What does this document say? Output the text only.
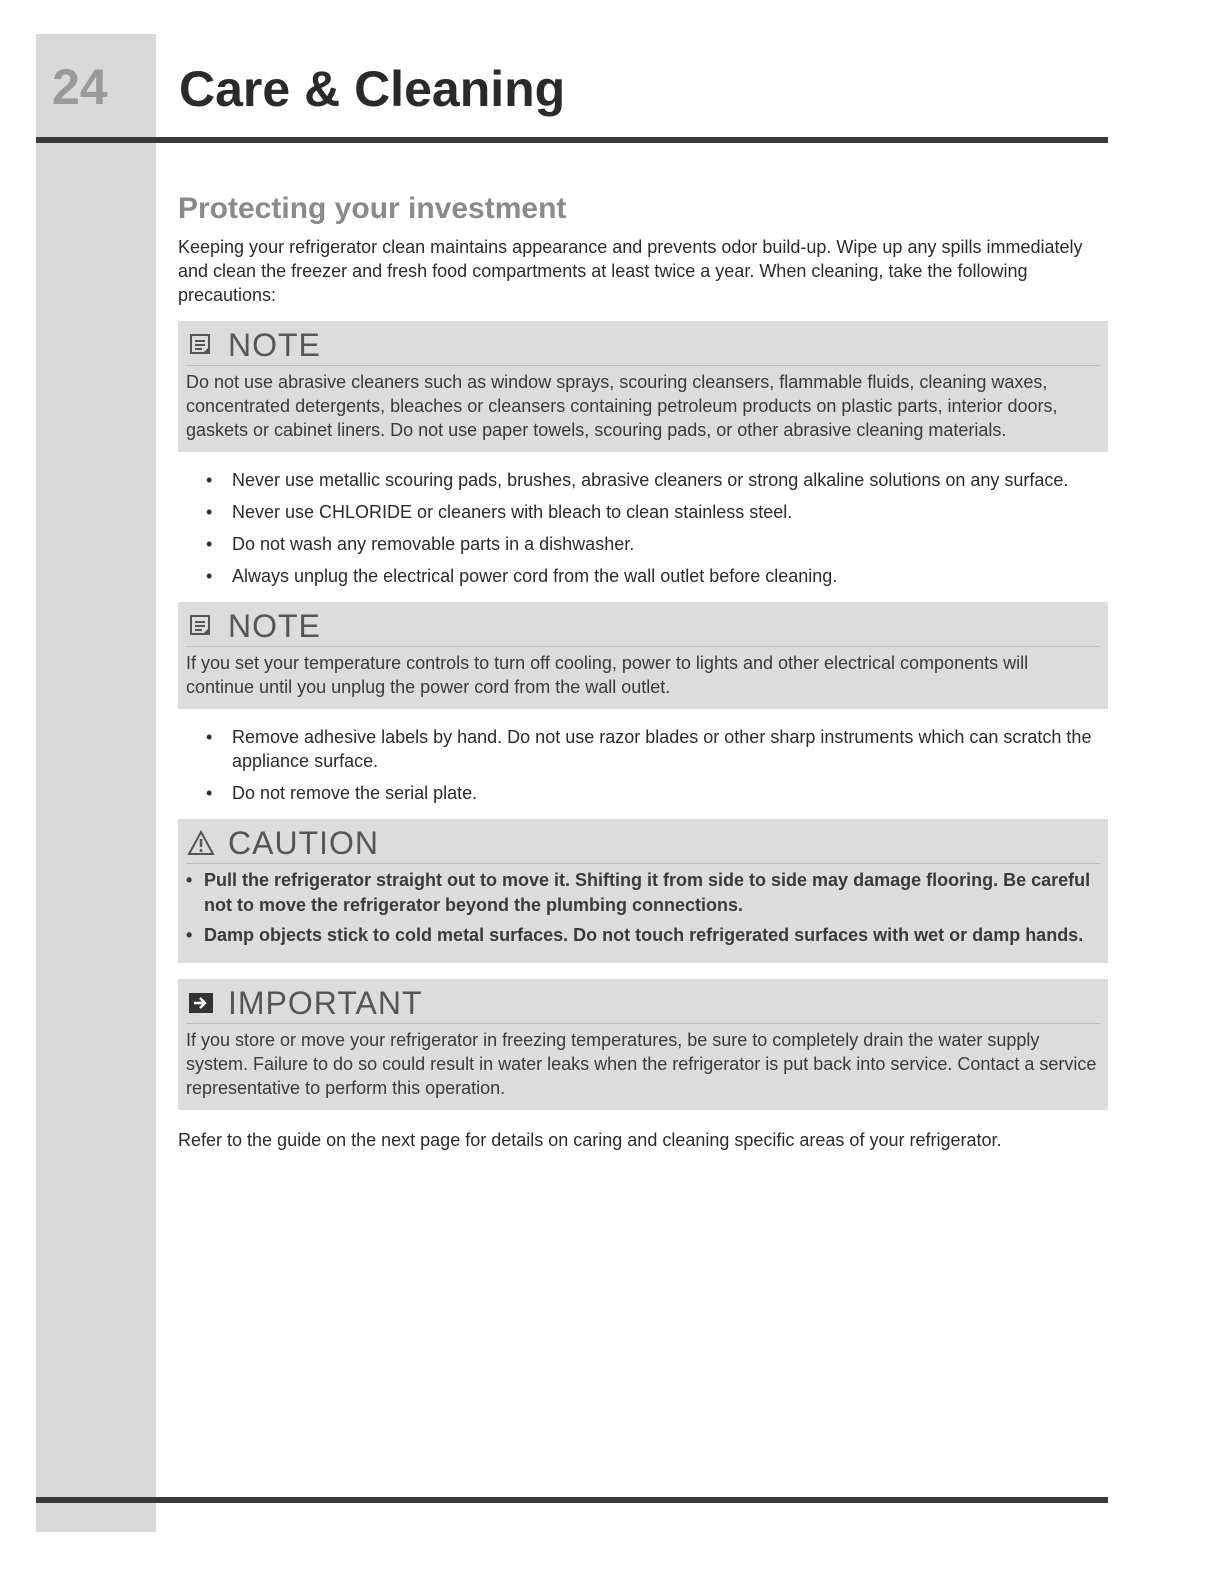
24	Care & Cleaning
Protecting your investment

Keeping your refrigerator clean maintains appearance and prevents odor build-up. Wipe up any spills immediately and clean the freezer and fresh food compartments at least twice a year. When cleaning, take the following precautions:

NOTE

Do not use abrasive cleaners such as window sprays, scouring cleansers, flammable fluids, cleaning waxes, concentrated detergents, bleaches or cleansers containing petroleum products on plastic parts, interior doors, gaskets or cabinet liners. Do not use paper towels, scouring pads, or other abrasive cleaning materials.

• Never use metallic scouring pads, brushes, abrasive cleaners or strong alkaline solutions on any surface.
• Never use CHLORIDE or cleaners with bleach to clean stainless steel.
• Do not wash any removable parts in a dishwasher.
• Always unplug the electrical power cord from the wall outlet before cleaning.
NOTE

If you set your temperature controls to turn off cooling, power to lights and other electrical components will continue until you unplug the power cord from the wall outlet.

• Remove adhesive labels by hand. Do not use razor blades or other sharp instruments which can scratch the appliance surface.
• Do not remove the serial plate.
CAUTION
• Pull the refrigerator straight out to move it. Shifting it from side to side may damage flooring. Be careful not to move the refrigerator beyond the plumbing connections.
• Damp objects stick to cold metal surfaces. Do not touch refrigerated surfaces with wet or damp hands.
IMPORTANT

If you store or move your refrigerator in freezing temperatures, be sure to completely drain the water supply system. Failure to do so could result in water leaks when the refrigerator is put back into service. Contact a service representative to perform this operation.

Refer to the guide on the next page for details on caring and cleaning specific areas of your refrigerator.
